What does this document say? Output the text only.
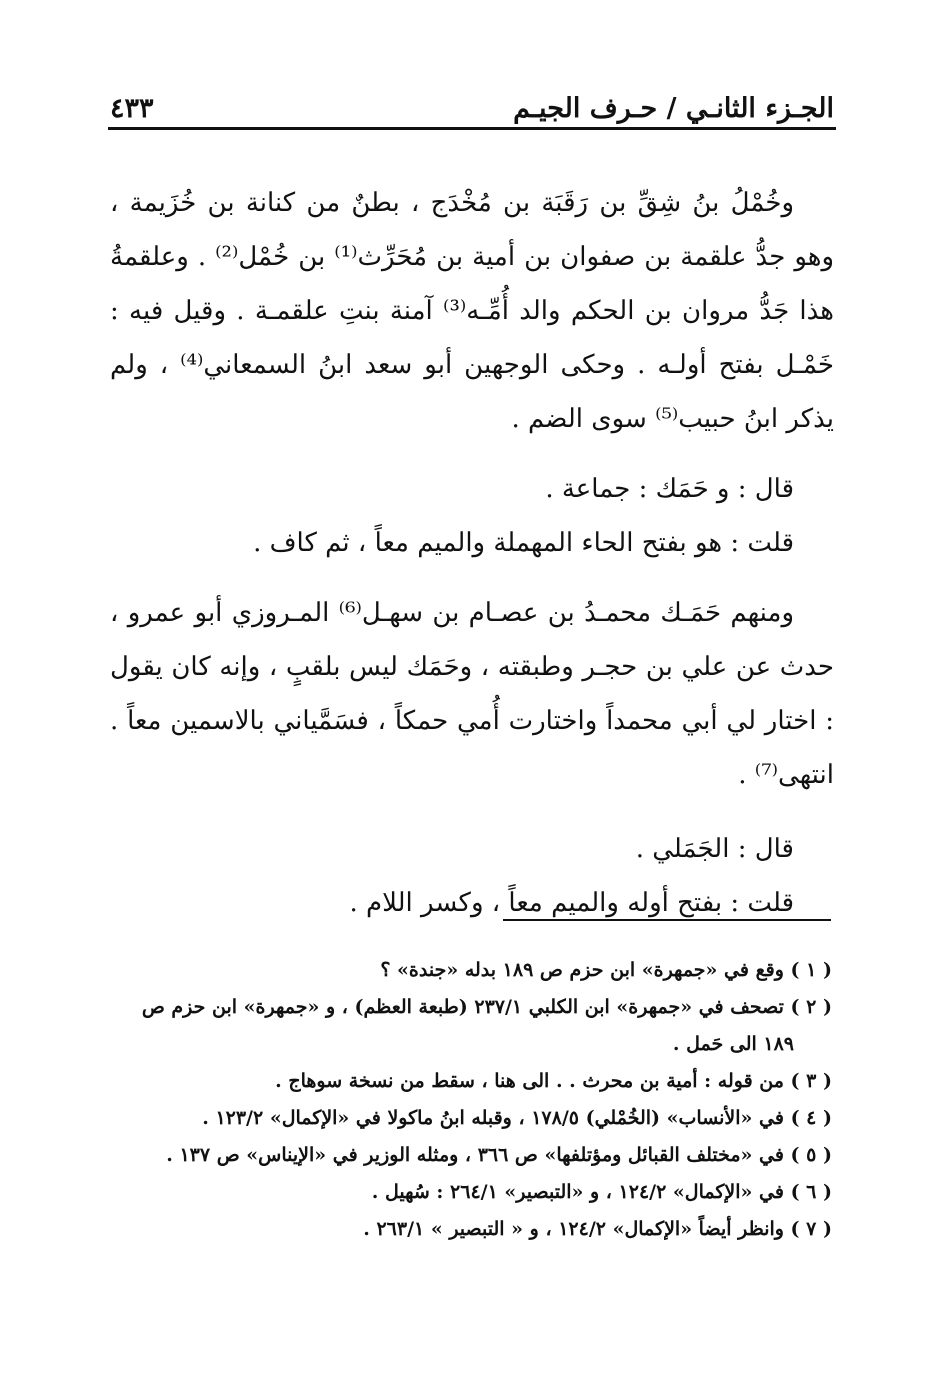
الجـزء الثانـي / حـرف الجيـم
٤٣٣

وخُمْلُ بنُ شِقِّ بن رَقَبَة بن مُخْدَج ، بطنٌ من كنانة بن خُزَيمة ، وهو جدُّ علقمة بن صفوان بن أمية بن مُحَرِّث⁽¹⁾ بن خُمْل⁽²⁾ . وعلقمةُ هذا جَدُّ مروان بن الحكم والد أُمِّـه⁽³⁾ آمنة بنتِ علقمـة . وقيل فيه : خَمْـل بفتح أولـه . وحكى الوجهين أبو سعد ابنُ السمعاني⁽⁴⁾ ، ولم يذكر ابنُ حبيب⁽⁵⁾ سوى الضم .

قال : و حَمَك : جماعة .

قلت : هو بفتح الحاء المهملة والميم معاً ، ثم كاف .

ومنهم حَمَـك محمـدُ بن عصـام بن سهـل⁽⁶⁾ المـروزي أبو عمرو ، حدث عن علي بن حجـر وطبقته ، وحَمَك ليس بلقبٍ ، وإنه كان يقول : اختار لي أبي محمداً واختارت أُمي حمكاً ، فسَمَّياني بالاسمين معاً . انتهى⁽⁷⁾ .

قال : الجَمَلي .

قلت : بفتح أوله والميم معاً ، وكسر اللام .

( ١ ) وقع في «جمهرة» ابن حزم ص ١٨٩ بدله «جندة» ؟

( ٢ ) تصحف في «جمهرة» ابن الكلبي ٢٣٧/١ (طبعة العظم) ، و «جمهرة» ابن حزم ص

١٨٩ الى حَمل .

( ٣ ) من قوله : أمية بن محرث . . الى هنا ، سقط من نسخة سوهاج .

( ٤ ) في «الأنساب» (الخُمْلي) ١٧٨/٥ ، وقبله ابنُ ماكولا في «الإكمال» ١٢٣/٢ .

( ٥ ) في «مختلف القبائل ومؤتلفها» ص ٣٦٦ ، ومثله الوزير في «الإيناس» ص ١٣٧ .

( ٦ ) في «الإكمال» ١٢٤/٢ ، و «التبصير» ٢٦٤/١ : سُهيل .

( ٧ ) وانظر أيضاً «الإكمال» ١٢٤/٢ ، و « التبصير » ٢٦٣/١ .
